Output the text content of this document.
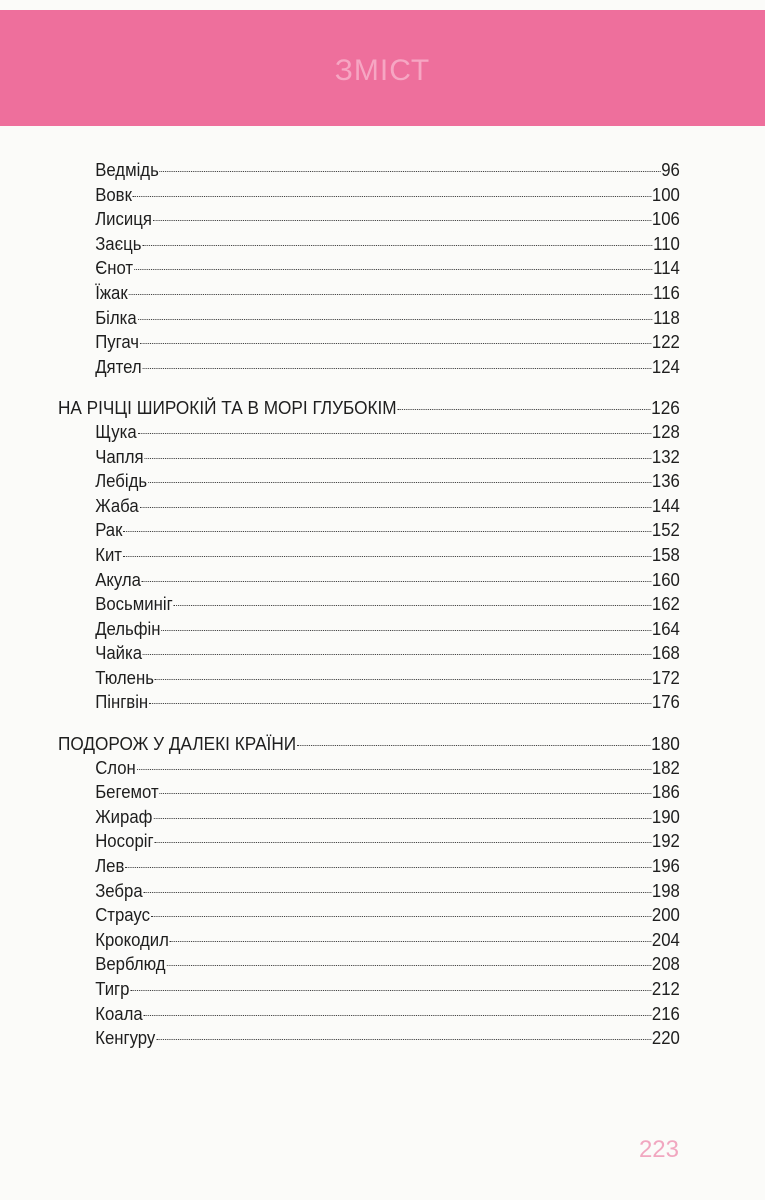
ЗМІСТ
Ведмідь	96
Вовк	100
Лисиця	106
Заєць	110
Єнот	114
Їжак	116
Білка	118
Пугач	122
Дятел	124
НА РІЧЦІ ШИРОКІЙ ТА В МОРІ ГЛУБОКІМ	126
Щука	128
Чапля	132
Лебідь	136
Жаба	144
Рак	152
Кит	158
Акула	160
Восьминіг	162
Дельфін	164
Чайка	168
Тюлень	172
Пінгвін	176
ПОДОРОЖ У ДАЛЕКІ КРАЇНИ	180
Слон	182
Бегемот	186
Жираф	190
Носоріг	192
Лев	196
Зебра	198
Страус	200
Крокодил	204
Верблюд	208
Тигр	212
Коала	216
Кенгуру	220
223
